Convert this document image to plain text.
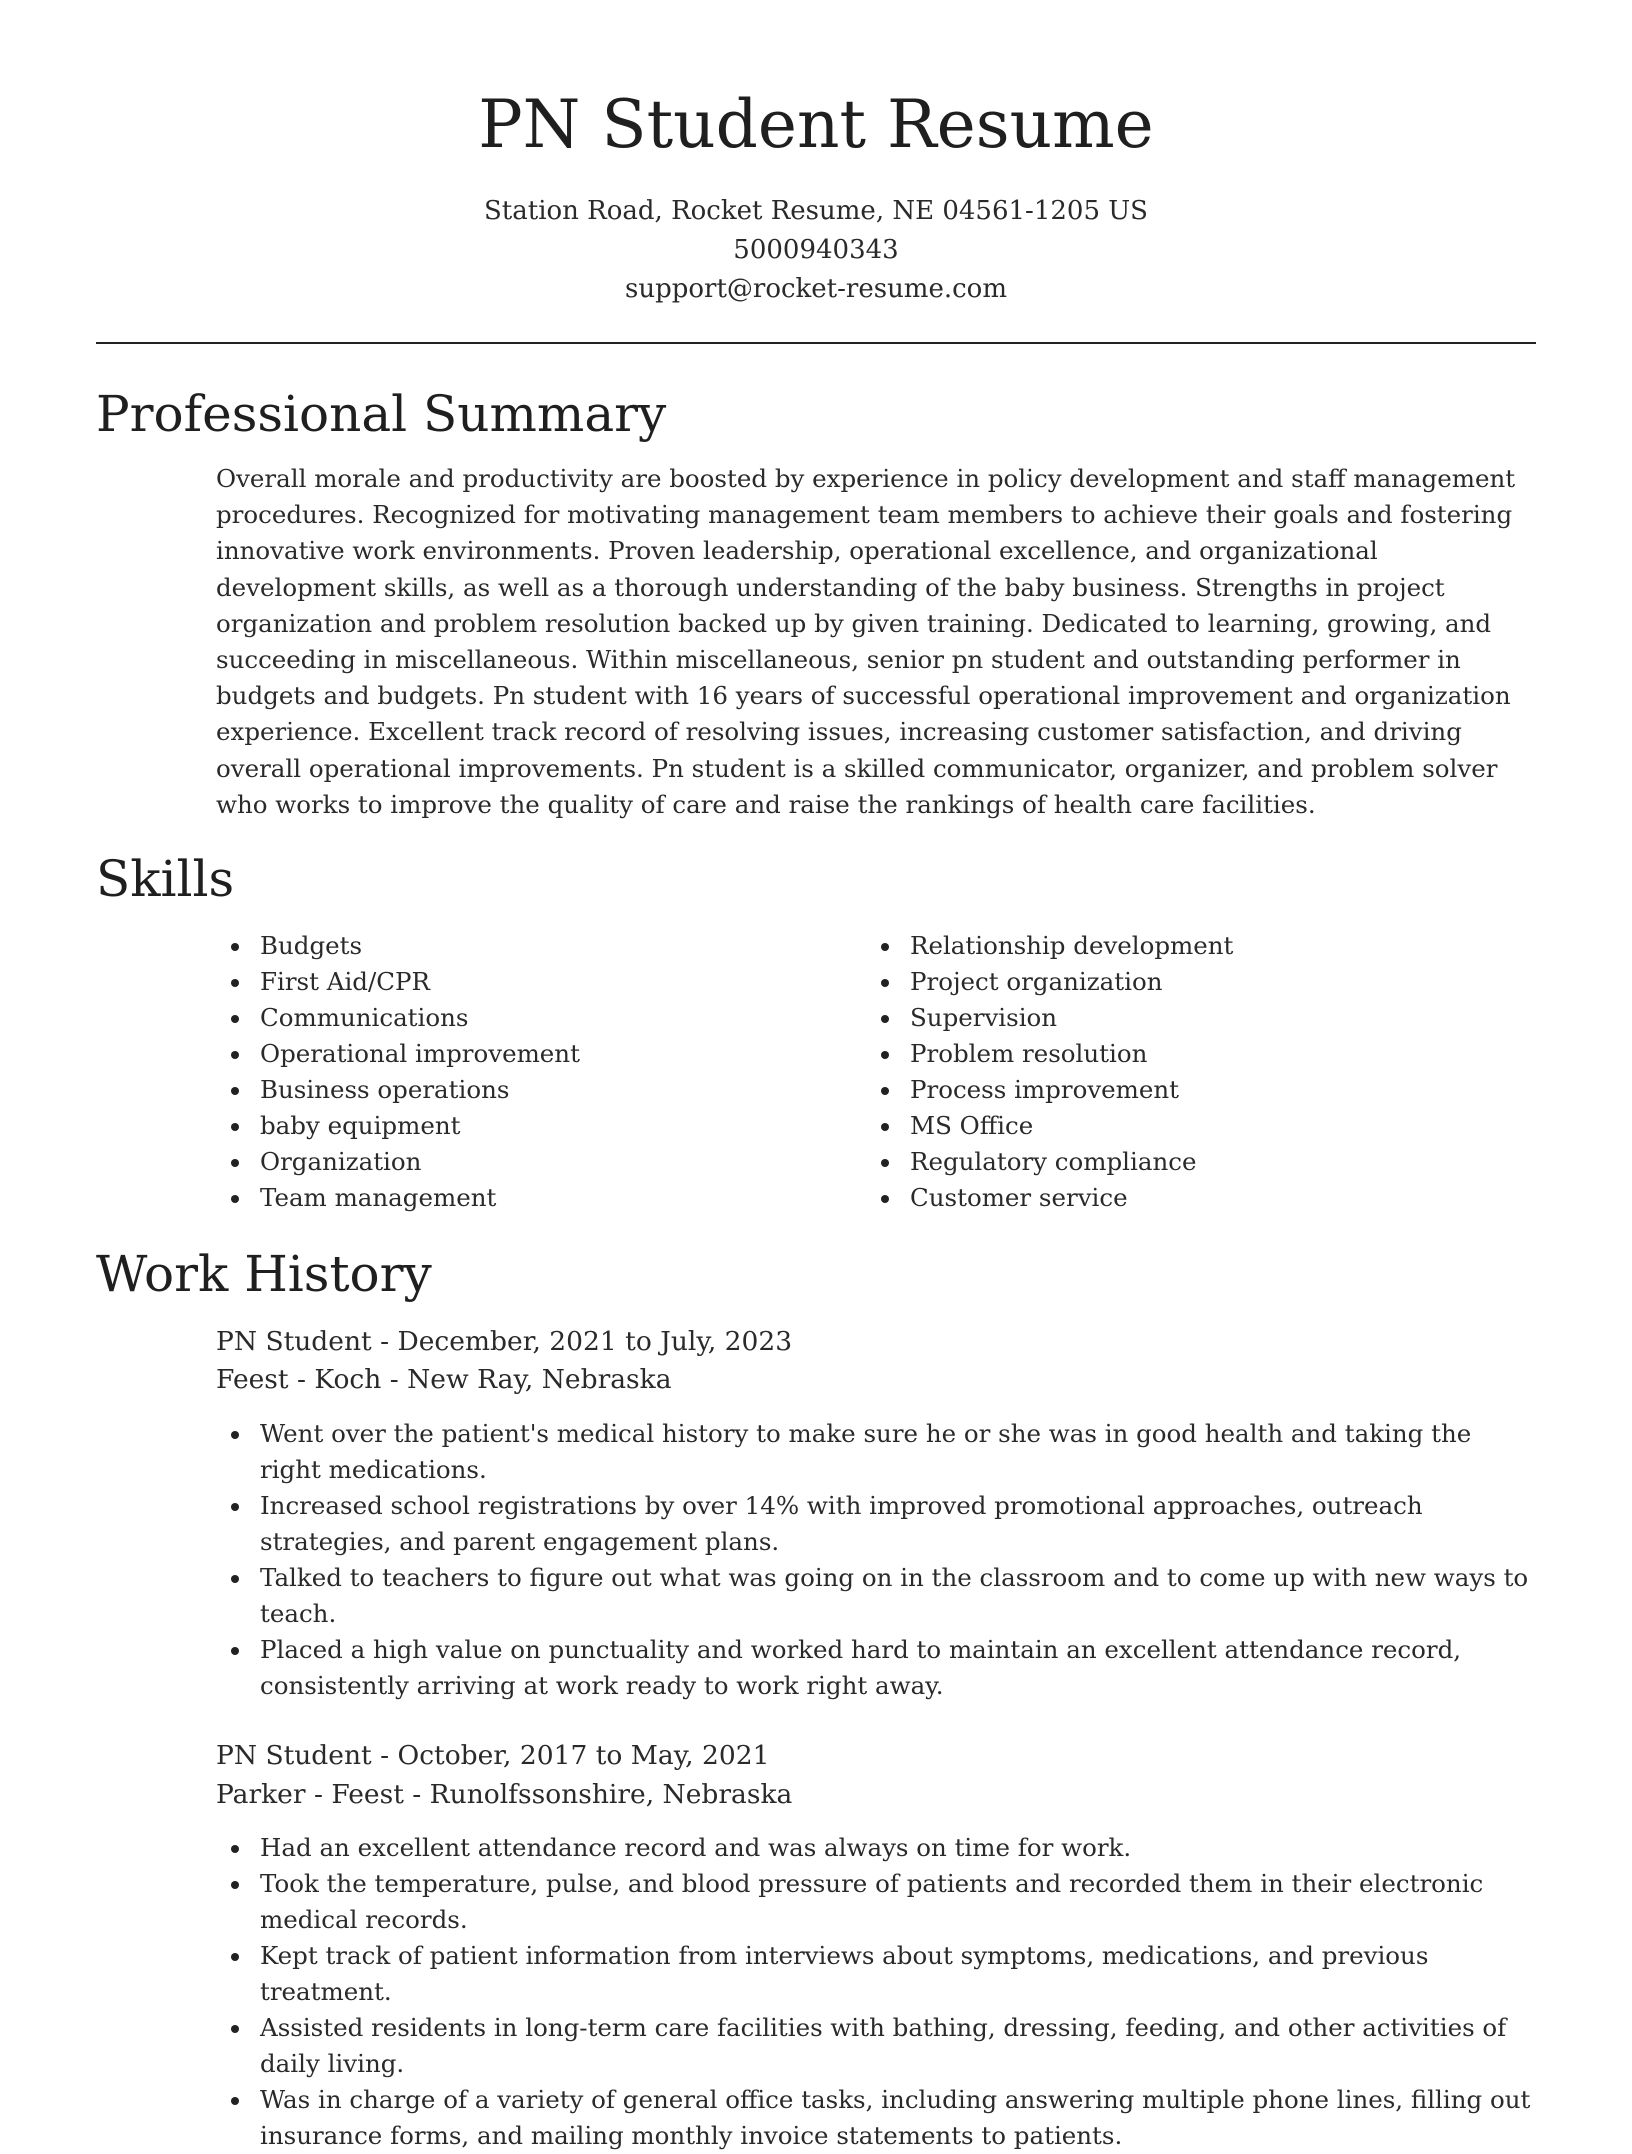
PN Student Resume
Station Road, Rocket Resume, NE 04561-1205 US
5000940343
support@rocket-resume.com
Professional Summary

Overall morale and productivity are boosted by experience in policy development and staff management procedures. Recognized for motivating management team members to achieve their goals and fostering innovative work environments. Proven leadership, operational excellence, and organizational development skills, as well as a thorough understanding of the baby business. Strengths in project organization and problem resolution backed up by given training. Dedicated to learning, growing, and succeeding in miscellaneous. Within miscellaneous, senior pn student and outstanding performer in budgets and budgets. Pn student with 16 years of successful operational improvement and organization experience. Excellent track record of resolving issues, increasing customer satisfaction, and driving overall operational improvements. Pn student is a skilled communicator, organizer, and problem solver who works to improve the quality of care and raise the rankings of health care facilities.

Skills
Budgets
First Aid/CPR
Communications
Operational improvement
Business operations
baby equipment
Organization
Team management
Relationship development
Project organization
Supervision
Problem resolution
Process improvement
MS Office
Regulatory compliance
Customer service
Work History
PN Student - December, 2021 to July, 2023
Feest - Koch - New Ray, Nebraska
Went over the patient's medical history to make sure he or she was in good health and taking the right medications.
Increased school registrations by over 14% with improved promotional approaches, outreach strategies, and parent engagement plans.
Talked to teachers to figure out what was going on in the classroom and to come up with new ways to teach.
Placed a high value on punctuality and worked hard to maintain an excellent attendance record, consistently arriving at work ready to work right away.
PN Student - October, 2017 to May, 2021
Parker - Feest - Runolfssonshire, Nebraska
Had an excellent attendance record and was always on time for work.
Took the temperature, pulse, and blood pressure of patients and recorded them in their electronic medical records.
Kept track of patient information from interviews about symptoms, medications, and previous treatment.
Assisted residents in long-term care facilities with bathing, dressing, feeding, and other activities of daily living.
Was in charge of a variety of general office tasks, including answering multiple phone lines, filling out insurance forms, and mailing monthly invoice statements to patients.
